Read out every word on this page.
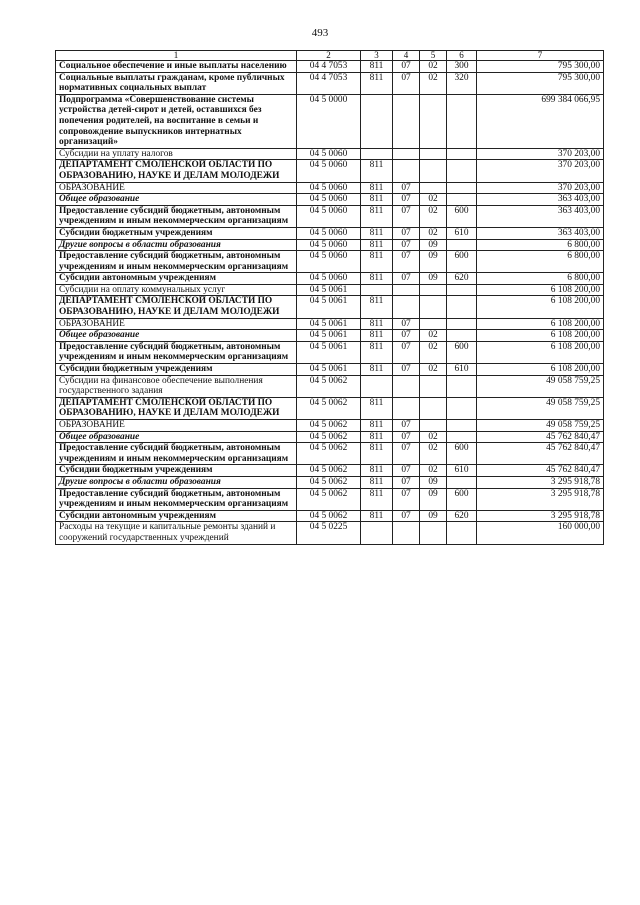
493
1	2	3	4	5	6	7
Социальное обеспечение и иные выплаты населению	04 4 7053	811	07	02	300	795 300,00
Социальные выплаты гражданам, кроме публичных нормативных социальных выплат	04 4 7053	811	07	02	320	795 300,00
Подпрограмма «Совершенствование системы устройства детей-сирот и детей, оставшихся без попечения родителей, на воспитание в семьи и сопровождение выпускников интернатных организаций»	04 5 0000					699 384 066,95
Субсидии на уплату налогов	04 5 0060					370 203,00
ДЕПАРТАМЕНТ СМОЛЕНСКОЙ ОБЛАСТИ ПО ОБРАЗОВАНИЮ, НАУКЕ И ДЕЛАМ МОЛОДЕЖИ	04 5 0060	811				370 203,00
ОБРАЗОВАНИЕ	04 5 0060	811	07			370 203,00
Общее образование	04 5 0060	811	07	02		363 403,00
Предоставление субсидий бюджетным, автономным учреждениям и иным некоммерческим организациям	04 5 0060	811	07	02	600	363 403,00
Субсидии бюджетным учреждениям	04 5 0060	811	07	02	610	363 403,00
Другие вопросы в области образования	04 5 0060	811	07	09		6 800,00
Предоставление субсидий бюджетным, автономным учреждениям и иным некоммерческим организациям	04 5 0060	811	07	09	600	6 800,00
Субсидии автономным учреждениям	04 5 0060	811	07	09	620	6 800,00
Субсидии на оплату коммунальных услуг	04 5 0061					6 108 200,00
ДЕПАРТАМЕНТ СМОЛЕНСКОЙ ОБЛАСТИ ПО ОБРАЗОВАНИЮ, НАУКЕ И ДЕЛАМ МОЛОДЕЖИ	04 5 0061	811				6 108 200,00
ОБРАЗОВАНИЕ	04 5 0061	811	07			6 108 200,00
Общее образование	04 5 0061	811	07	02		6 108 200,00
Предоставление субсидий бюджетным, автономным учреждениям и иным некоммерческим организациям	04 5 0061	811	07	02	600	6 108 200,00
Субсидии бюджетным учреждениям	04 5 0061	811	07	02	610	6 108 200,00
Субсидии на финансовое обеспечение выполнения государственного задания	04 5 0062					49 058 759,25
ДЕПАРТАМЕНТ СМОЛЕНСКОЙ ОБЛАСТИ ПО ОБРАЗОВАНИЮ, НАУКЕ И ДЕЛАМ МОЛОДЕЖИ	04 5 0062	811				49 058 759,25
ОБРАЗОВАНИЕ	04 5 0062	811	07			49 058 759,25
Общее образование	04 5 0062	811	07	02		45 762 840,47
Предоставление субсидий бюджетным, автономным учреждениям и иным некоммерческим организациям	04 5 0062	811	07	02	600	45 762 840,47
Субсидии бюджетным учреждениям	04 5 0062	811	07	02	610	45 762 840,47
Другие вопросы в области образования	04 5 0062	811	07	09		3 295 918,78
Предоставление субсидий бюджетным, автономным учреждениям и иным некоммерческим организациям	04 5 0062	811	07	09	600	3 295 918,78
Субсидии автономным учреждениям	04 5 0062	811	07	09	620	3 295 918,78
Расходы на текущие и капитальные ремонты зданий и сооружений государственных учреждений	04 5 0225					160 000,00
